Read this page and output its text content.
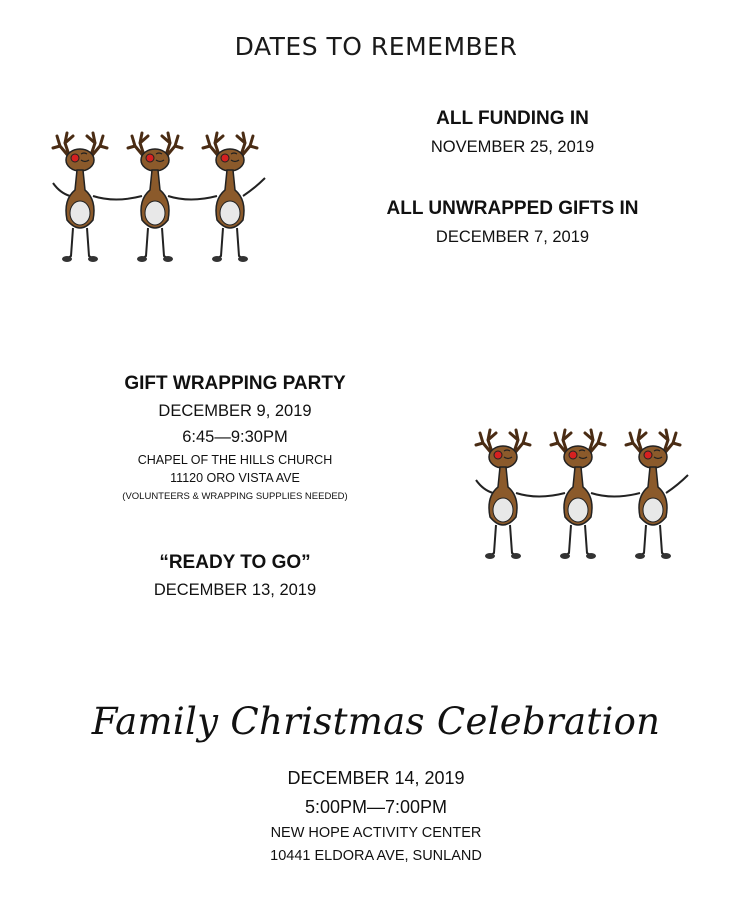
DATES TO REMEMBER
ALL FUNDING IN
NOVEMBER 25, 2019
ALL UNWRAPPED GIFTS IN
DECEMBER 7, 2019
GIFT WRAPPING PARTY
DECEMBER 9, 2019
6:45—9:30PM
CHAPEL OF THE HILLS CHURCH
11120 ORO VISTA AVE
(VOLUNTEERS & WRAPPING SUPPLIES NEEDED)
“READY TO GO”
DECEMBER 13, 2019
Family Christmas Celebration
DECEMBER 14, 2019
5:00PM—7:00PM
NEW HOPE ACTIVITY CENTER
10441 ELDORA AVE, SUNLAND
